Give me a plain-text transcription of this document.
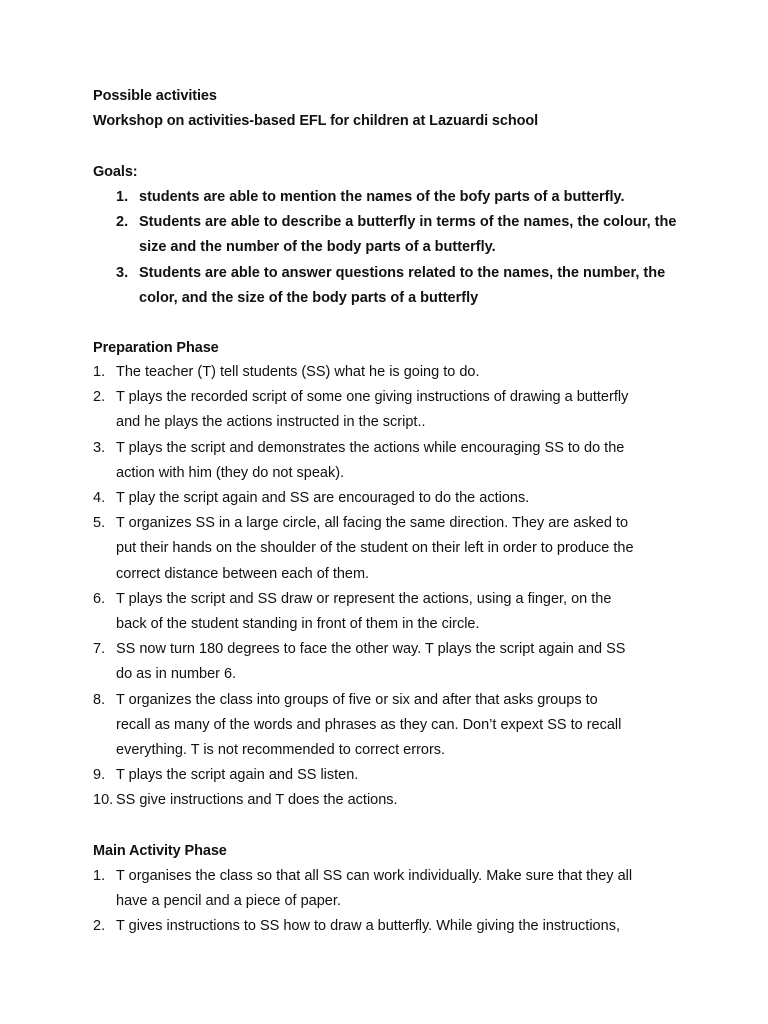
Possible activities
Workshop on activities-based EFL for children at Lazuardi school
Goals:
1. students are able to mention the names of the bofy parts of a butterfly.
2. Students are able to describe a butterfly in terms of the names, the colour, the
size and the number of the body parts of a butterfly.
3. Students are able to answer questions related to the names, the number, the
color, and the size of the body parts of a butterfly
Preparation Phase
1. The teacher (T) tell students (SS) what he is going to do.
2. T plays the recorded script of some one giving instructions of drawing a butterfly
and he plays the actions instructed in the script..
3. T plays the script and demonstrates the actions while encouraging SS to do the
action with him (they do not speak).
4. T play the script again and SS are encouraged to do the actions.
5. T organizes SS in a large circle, all facing the same direction. They are asked to
put their hands on the shoulder of the student on their left in order to produce the
correct distance between each of them.
6. T plays the script and SS draw or represent the actions, using a finger, on the
back of the student standing in front of them in the circle.
7. SS now turn 180 degrees to face the other way. T plays the script again and SS
do as in number 6.
8. T organizes the class into groups of five or six and after that asks groups to
recall as many of the words and phrases as they can. Don’t expext SS to recall
everything. T is not recommended to correct errors.
9. T plays the script again and SS listen.
10. SS give instructions and T does the actions.
Main Activity Phase
1. T organises the class so that all SS can work individually. Make sure that they all
have a pencil and a piece of paper.
2. T gives instructions to SS how to draw a butterfly. While giving the instructions,
